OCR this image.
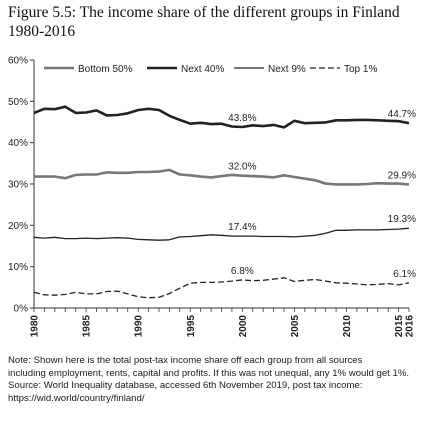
Figure 5.5: The income share of the different groups in Finland
1980-2016
0%
10%
20%
30%
40%
50%
60%
1980	1985	1990	1995	2000	2005	2010	2015 2016
Bottom 50%	Next 40%	Next 9%	Top 1%
43.8%	44.7%
32.0%
29.9%
17.4%
19.3%
6.8%	6.1%
Note: Shown here is the total post-tax income share off each group from all sources
including employment, rents, capital and profits. If this was not unequal, any 1% would get 1%.
Source: World Inequality database, accessed 6th November 2019, post tax income:
https://wid.world/country/finland/
